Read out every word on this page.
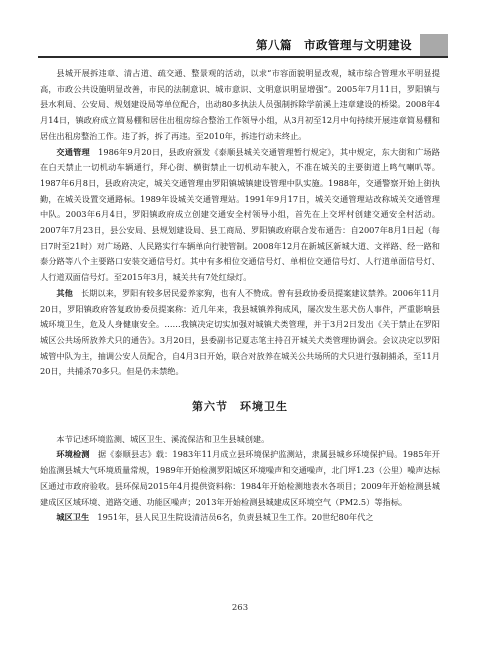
第八篇　市政管理与文明建设

县城开展拆违章、清占道、疏交通、整景观的活动，以求“市容面貌明显改观，城市综合管理水平明显提高，市政公共设施明显改善，市民的法制意识、城市意识、文明意识明显增强”。2005年7月11日，罗阳镇与县水利局、公安局、规划建设局等单位配合，出动80多执法人员强制拆除学前溪上违章建设的桥梁。2008年4月14日，镇政府成立简易棚和居住出租房综合整治工作领导小组，从3月初至12月中旬持续开展违章简易棚和居住出租房整治工作。违了拆，拆了再违。至2010年，拆违行动未终止。

交通管理　 1986年9月20日，县政府颁发《泰顺县城关交通管理暂行规定》，其中规定，东大街和广场路在白天禁止一切机动车辆通行，拜心街、横街禁止一切机动车驶入，不准在城关的主要街道上鸣气喇叭等。1987年6月8日，县政府决定，城关交通管理由罗阳镇城镇建设管理中队实施。1988年，交通警察开始上街执勤，在城关设置交通路标。1989年设城关交通管理站。1991年9月17日，城关交通管理站改称城关交通管理中队。2003年6月4日，罗阳镇政府成立创建交通安全村领导小组，首先在上交坪村创建交通安全村活动。2007年7月23日，县公安局、县规划建设局、县工商局、罗阳镇政府联合发布通告：自2007年8月1日起（每日7时至21时）对广场路、人民路实行车辆单向行驶管制。2008年12月在新城区新城大道、文祥路、经一路和泰分路等八个主要路口安装交通信号灯。其中有多相位交通信号灯、单相位交通信号灯、人行道单面信号灯、人行道双面信号灯。至2015年3月，城关共有7处红绿灯。

其他　 长期以来，罗阳有较多居民爱养家狗，也有人不赞成。曾有县政协委员提案建议禁养。2006年11月20日，罗阳镇政府答复政协委员提案称：近几年来，我县城镇养狗成风，屡次发生恶犬伤人事件，严重影响县城环境卫生，危及人身健康安全。……我镇决定切实加强对城镇犬类管理，并于3月2日发出《关于禁止在罗阳城区公共场所放养犬只的通告》。3月20日，县委副书记夏志笔主持召开城关犬类管理协调会。会议决定以罗阳城管中队为主，抽调公安人员配合，自4月3日开始，联合对放养在城关公共场所的犬只进行强制捕杀，至11月20日，共捕杀70多只。但是仍未禁绝。

第六节 环境卫生

本节记述环境监测、城区卫生、溪流保洁和卫生县城创建。

环境检测　 据《泰顺县志》载：1983年11月成立县环境保护监测站，隶属县城乡环境保护局。1985年开始监测县城大气环境质量常规，1989年开始检测罗阳城区环境噪声和交通噪声，北门坪1.23（公里）噪声达标区通过市政府验收。县环保局2015年4月提供资料称：1984年开始检测地表水各项目；2009年开始检测县城建成区区域环境、道路交通、功能区噪声；2013年开始检测县城建成区环境空气（PM2.5）等指标。

城区卫生　 1951年，县人民卫生院设清洁员6名，负责县城卫生工作。20世纪80年代之

263
